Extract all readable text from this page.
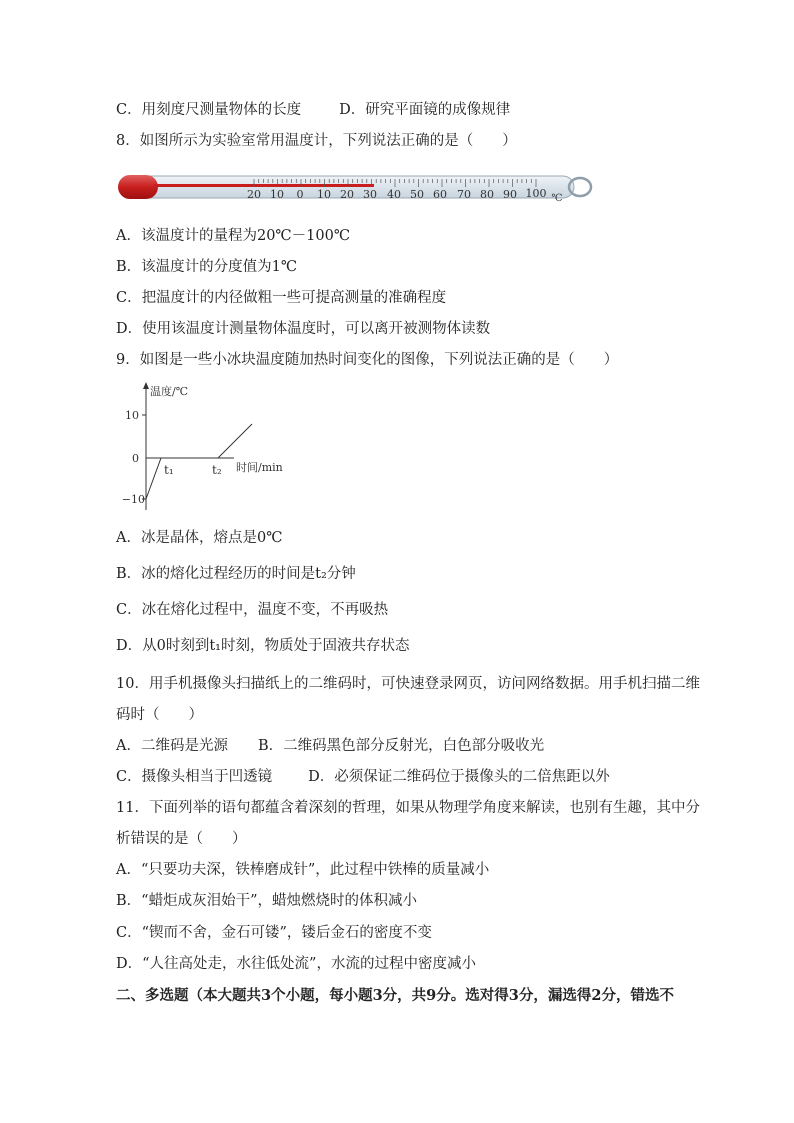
C．用刻度尺测量物体的长度	D．研究平面镜的成像规律
8．如图所示为实验室常用温度计，下列说法正确的是（　　）
20 10 0 10 20 30 40 50 60 70 80 90 100 ℃
A．该温度计的量程为20℃－100℃
B．该温度计的分度值为1℃
C．把温度计的内径做粗一些可提高测量的准确程度
D．使用该温度计测量物体温度时，可以离开被测物体读数
9．如图是一些小冰块温度随加热时间变化的图像，下列说法正确的是（　　）
温度/℃
10
0
−10
t₁	t₂ 时间/min
A．冰是晶体，熔点是0℃
B．冰的熔化过程经历的时间是t₂分钟
C．冰在熔化过程中，温度不变，不再吸热
D．从0时刻到t₁时刻，物质处于固液共存状态
10．用手机摄像头扫描纸上的二维码时，可快速登录网页，访问网络数据。用手机扫描二维
码时（　　）
A．二维码是光源 B．二维码黑色部分反射光，白色部分吸收光
C．摄像头相当于凹透镜 D．必须保证二维码位于摄像头的二倍焦距以外
11．下面列举的语句都蕴含着深刻的哲理，如果从物理学角度来解读，也别有生趣，其中分
析错误的是（　　）
A．“只要功夫深，铁棒磨成针”，此过程中铁棒的质量减小
B．“蜡炬成灰泪始干”，蜡烛燃烧时的体积减小
C．“锲而不舍，金石可镂”，镂后金石的密度不变
D．“人往高处走，水往低处流”，水流的过程中密度减小
二、多选题（本大题共3个小题，每小题3分，共9分。选对得3分，漏选得2分，错选不
